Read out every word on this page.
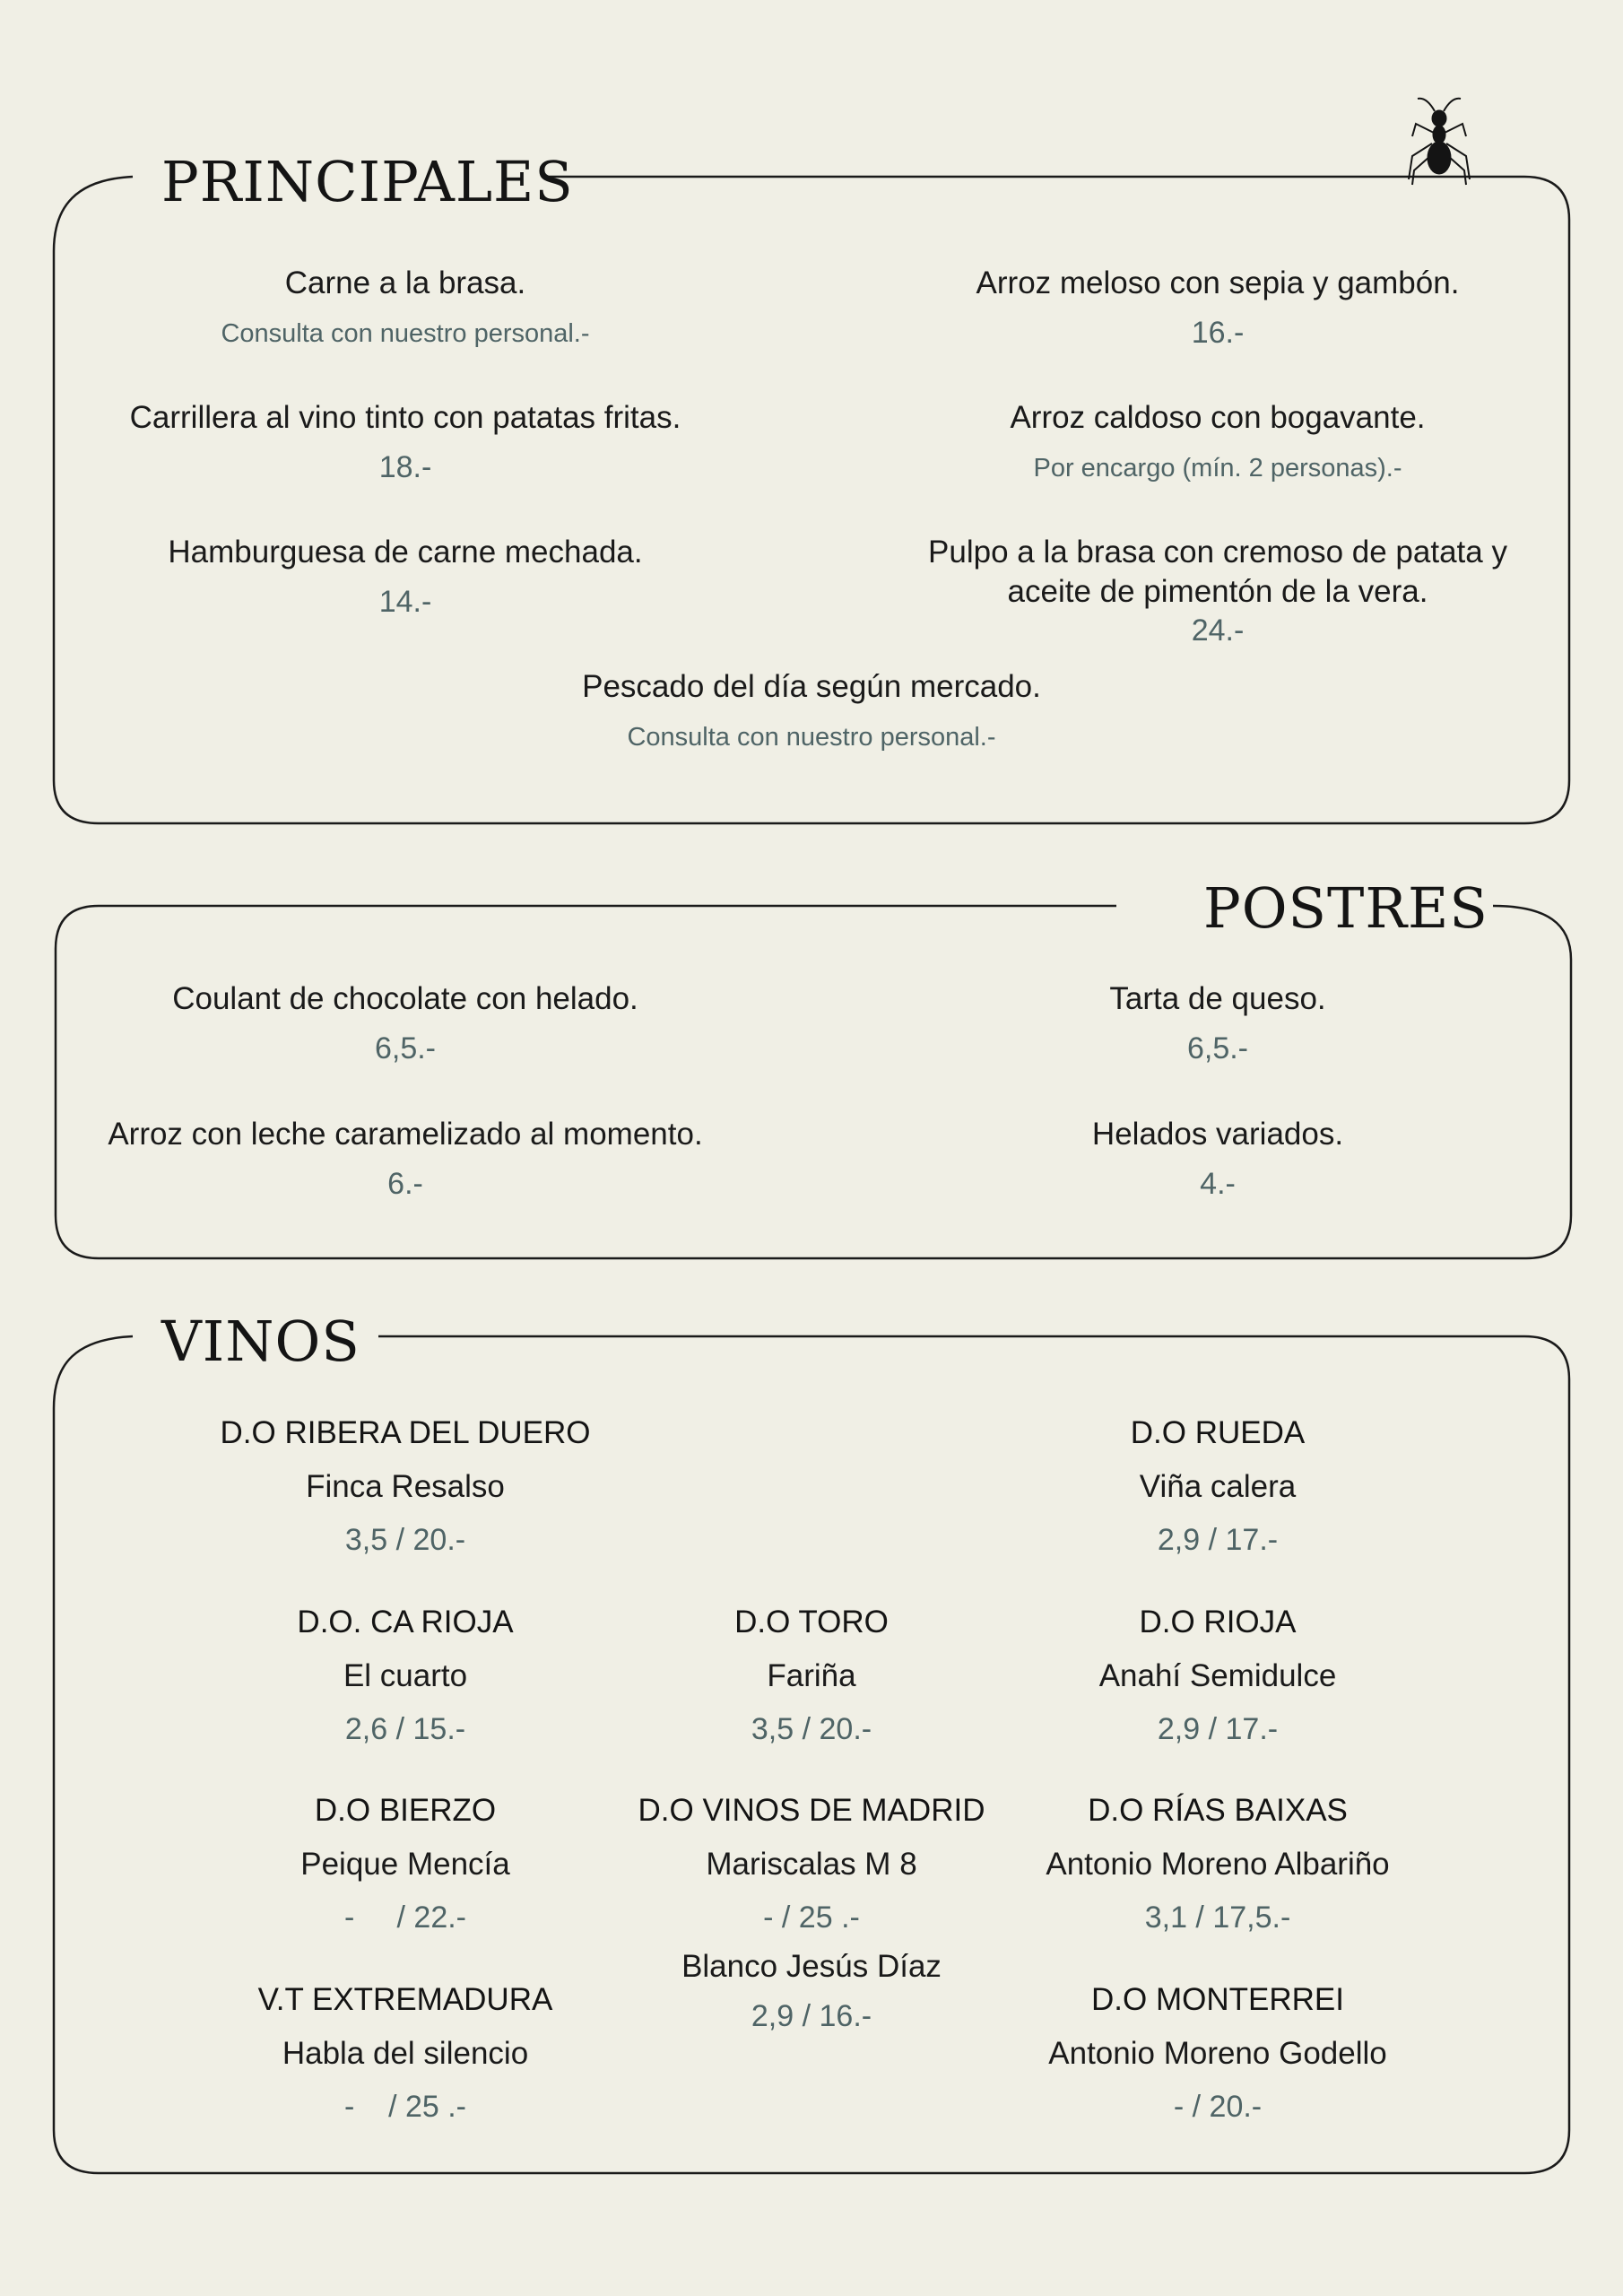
PRINCIPALES
Carne a la brasa.
Consulta con nuestro personal.-
Arroz meloso con sepia y gambón.
16.-
Carrillera al vino tinto con patatas fritas.
18.-
Arroz caldoso con bogavante.
Por encargo (mín. 2 personas).-
Hamburguesa de carne mechada.
14.-
Pulpo a la brasa con cremoso de patata y
aceite de pimentón de la vera.
24.-
Pescado del día según mercado.
Consulta con nuestro personal.-
POSTRES
Coulant de chocolate con helado.
6,5.-
Tarta de queso.
6,5.-
Arroz con leche caramelizado al momento.
6.-
Helados variados.
4.-
VINOS
D.O RIBERA DEL DUERO
Finca Resalso
3,5 / 20.-
D.O RUEDA
Viña calera
2,9 / 17.-
D.O. CA RIOJA
El cuarto
2,6 / 15.-
D.O TORO
Fariña
3,5 / 20.-
D.O RIOJA
Anahí Semidulce
2,9 / 17.-
D.O BIERZO
Peique Mencía
-     / 22.-
D.O VINOS DE MADRID
Mariscalas M 8
- / 25 .-
Blanco Jesús Díaz
2,9 / 16.-
D.O RÍAS BAIXAS
Antonio Moreno Albariño
3,1 / 17,5.-
V.T EXTREMADURA
Habla del silencio
-    / 25 .-
D.O MONTERREI
Antonio Moreno Godello
- / 20.-
